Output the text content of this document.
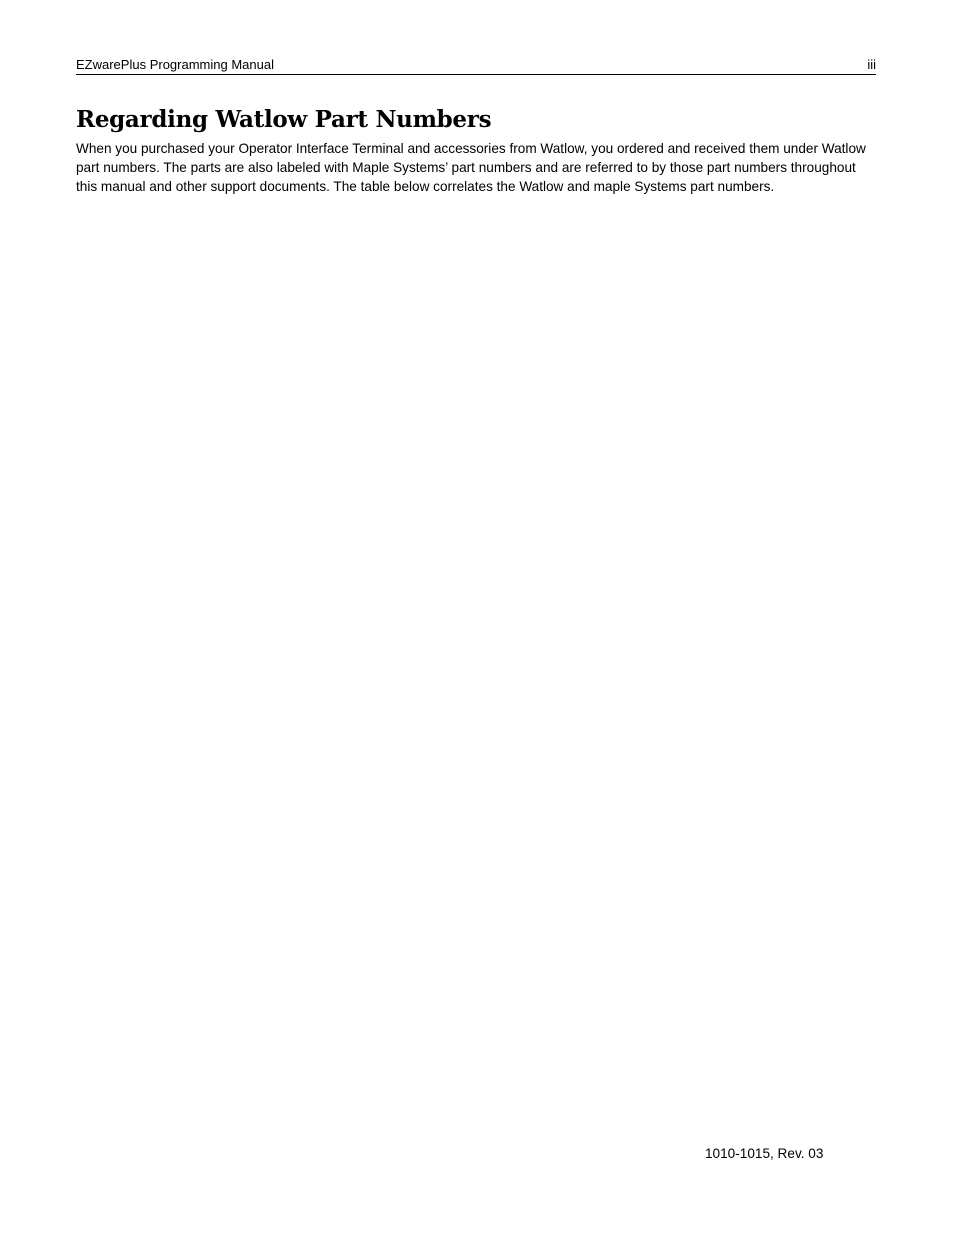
EZwarePlus Programming Manual	iii
Regarding Watlow Part Numbers

When you purchased your Operator Interface Terminal and accessories from Watlow, you ordered and received them under Watlow part numbers. The parts are also labeled with Maple Systems’ part numbers and are referred to by those part numbers throughout this manual and other support documents. The table below correlates the Watlow and maple Systems part numbers.

1010-1015, Rev. 03
